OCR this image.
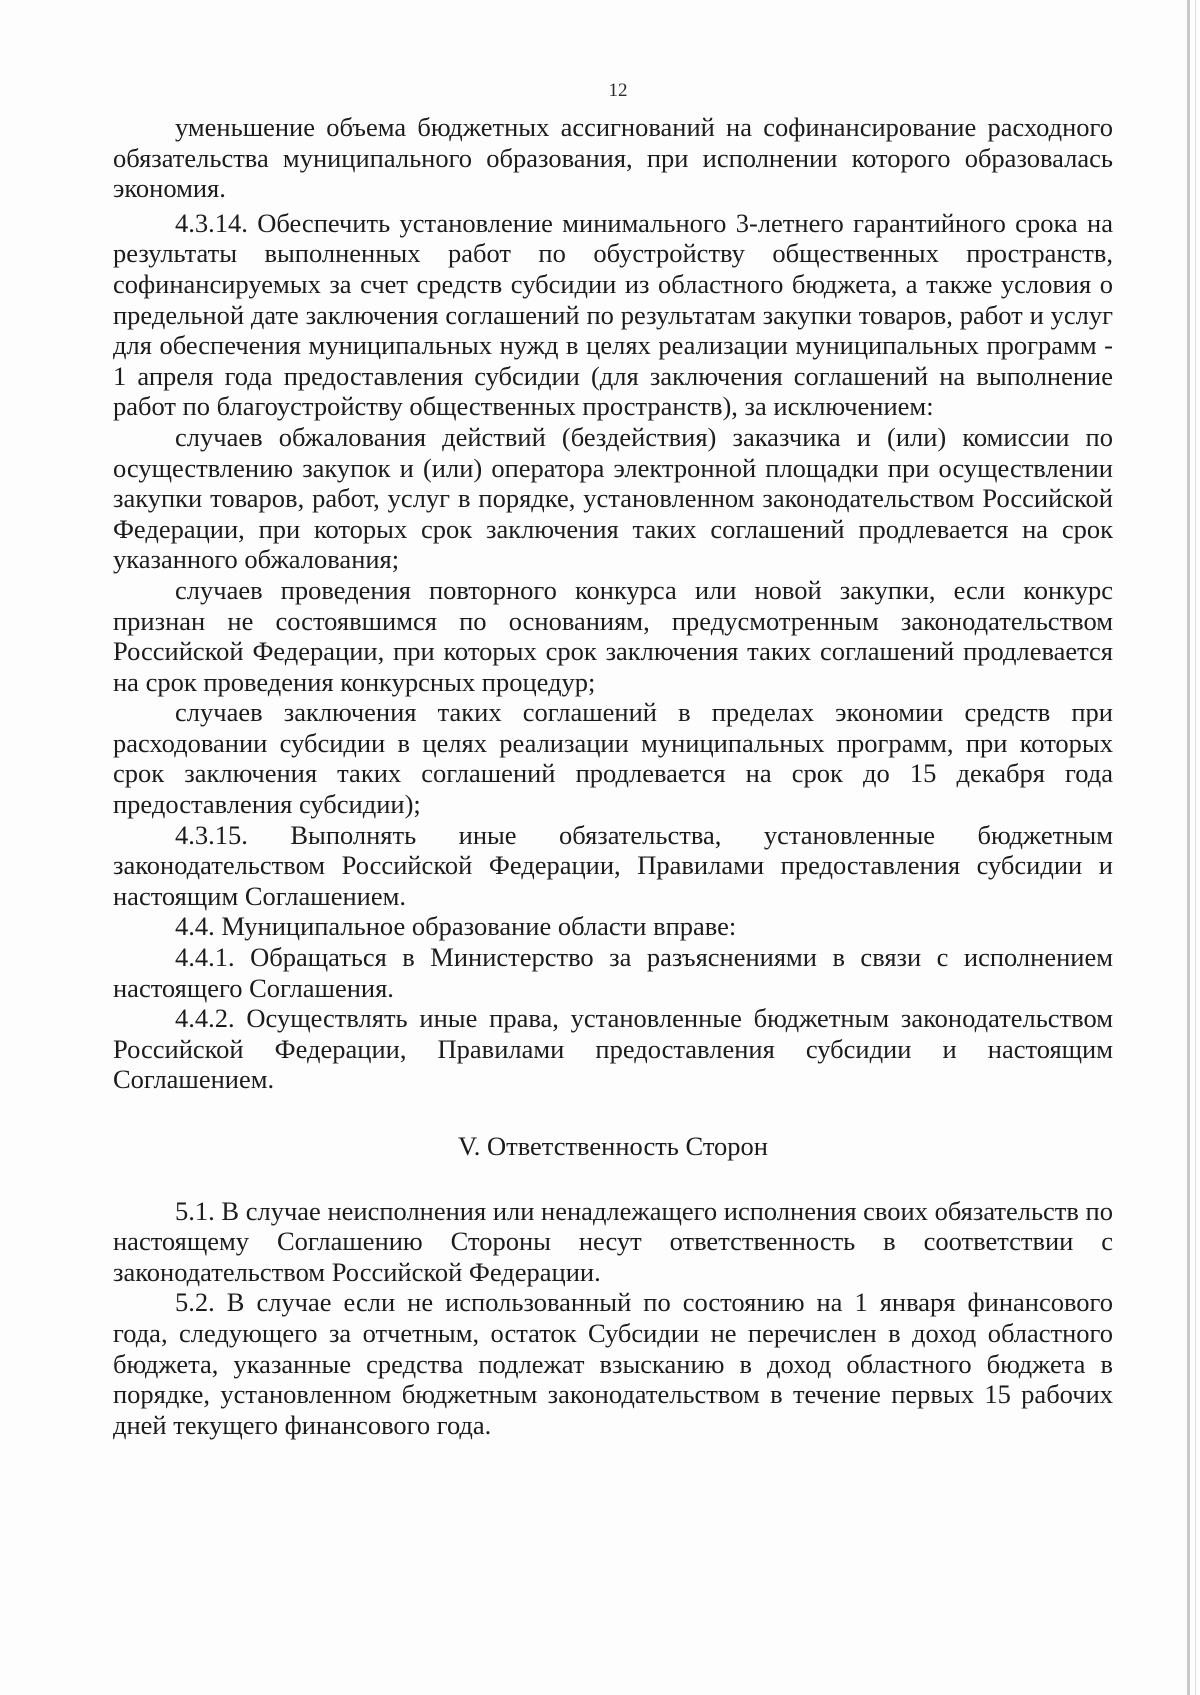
12

уменьшение объема бюджетных ассигнований на софинансирование расходного обязательства муниципального образования, при исполнении которого образовалась экономия.

4.3.14. Обеспечить установление минимального 3-летнего гарантийного срока на результаты выполненных работ по обустройству общественных пространств, софинансируемых за счет средств субсидии из областного бюджета, а также условия о предельной дате заключения соглашений по результатам закупки товаров, работ и услуг для обеспечения муниципальных нужд в целях реализации муниципальных программ - 1 апреля года предоставления субсидии (для заключения соглашений на выполнение работ по благоустройству общественных пространств), за исключением:

случаев обжалования действий (бездействия) заказчика и (или) комиссии по осуществлению закупок и (или) оператора электронной площадки при осуществлении закупки товаров, работ, услуг в порядке, установленном законодательством Российской Федерации, при которых срок заключения таких соглашений продлевается на срок указанного обжалования;

случаев проведения повторного конкурса или новой закупки, если конкурс признан не состоявшимся по основаниям, предусмотренным законодательством Российской Федерации, при которых срок заключения таких соглашений продлевается на срок проведения конкурсных процедур;

случаев заключения таких соглашений в пределах экономии средств при расходовании субсидии в целях реализации муниципальных программ, при которых срок заключения таких соглашений продлевается на срок до 15 декабря года предоставления субсидии);

4.3.15. Выполнять иные обязательства, установленные бюджетным законодательством Российской Федерации, Правилами предоставления субсидии и настоящим Соглашением.

4.4. Муниципальное образование области вправе:

4.4.1. Обращаться в Министерство за разъяснениями в связи с исполнением настоящего Соглашения.

4.4.2. Осуществлять иные права, установленные бюджетным законодательством Российской Федерации, Правилами предоставления субсидии и настоящим Соглашением.

V. Ответственность Сторон

5.1. В случае неисполнения или ненадлежащего исполнения своих обязательств по настоящему Соглашению Стороны несут ответственность в соответствии с законодательством Российской Федерации.

5.2. В случае если не использованный по состоянию на 1 января финансового года, следующего за отчетным, остаток Субсидии не перечислен в доход областного бюджета, указанные средства подлежат взысканию в доход областного бюджета в порядке, установленном бюджетным законодательством в течение первых 15 рабочих дней текущего финансового года.
